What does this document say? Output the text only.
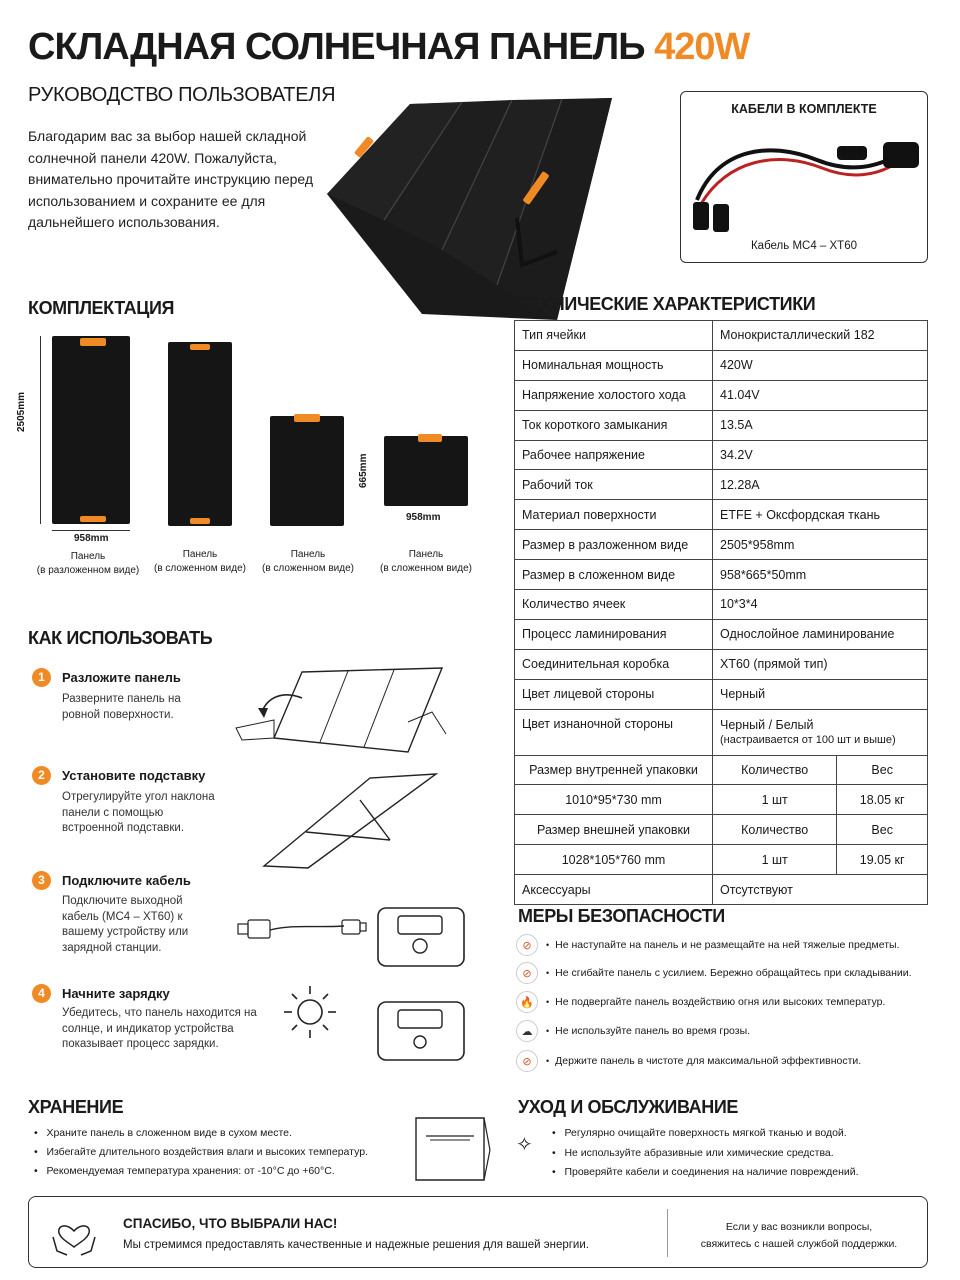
СКЛАДНАЯ СОЛНЕЧНАЯ ПАНЕЛЬ 420W
РУКОВОДСТВО ПОЛЬЗОВАТЕЛЯ
Благодарим вас за выбор нашей складной солнечной панели 420W. Пожалуйста, внимательно прочитайте инструкцию перед использованием и сохраните ее для дальнейшего использования.
КАБЕЛИ В КОМПЛЕКТЕ
Кабель MC4 – XT60
КОМПЛЕКТАЦИЯ
2505mm
958mm
665mm
958mm
Панель
(в разложенном виде)
Панель
(в сложенном виде)
Панель
(в сложенном виде)
Панель
(в сложенном виде)
КАК ИСПОЛЬЗОВАТЬ
1	Разложите панель
Разверните панель на ровной поверхности.
2	Установите подставку
Отрегулируйте угол наклона панели с помощью встроенной подставки.
3	Подключите кабель
Подключите выходной кабель (MC4 – XT60) к вашему устройству или зарядной станции.
4	Начните зарядку
Убедитесь, что панель находится на солнце, и индикатор устройства показывает процесс зарядки.
ТЕХНИЧЕСКИЕ ХАРАКТЕРИСТИКИ
Тип ячейки	Монокристаллический 182	
Номинальная мощность	420W	
Напряжение холостого хода	41.04V	
Ток короткого замыкания	13.5A	
Рабочее напряжение	34.2V	
Рабочий ток	12.28A	
Материал поверхности	ETFE + Оксфордская ткань	
Размер в разложенном виде	2505*958mm	
Размер в сложенном виде	958*665*50mm	
Количество ячеек	10*3*4	
Процесс ламинирования	Однослойное ламинирование	
Соединительная коробка	XT60 (прямой тип)	
Цвет лицевой стороны	Черный	
Цвет изнаночной стороны	Черный / Белый
(настраивается от 100 шт и выше)	

Размер внутренней упаковки	Количество	Вес
1010*95*730 mm	1 шт	18.05 кг
Размер внешней упаковки	Количество	Вес
1028*105*760 mm	1 шт	19.05 кг
Аксессуары	Отсутствуют	
МЕРЫ БЕЗОПАСНОСТИ
⊘	• Не наступайте на панель и не размещайте на ней тяжелые предметы.
⊘	• Не сгибайте панель с усилием. Бережно обращайтесь при складывании.
🔥	• Не подвергайте панель воздействию огня или высоких температур.
☁	• Не используйте панель во время грозы.
⊘	• Держите панель в чистоте для максимальной эффективности.
ХРАНЕНИЕ
•   Храните панель в сложенном виде в сухом месте.
•   Избегайте длительного воздействия влаги и высоких температур.
•   Рекомендуемая температура хранения: от -10°C до +60°C.
УХОД И ОБСЛУЖИВАНИЕ
✧
•   Регулярно очищайте поверхность мягкой тканью и водой.
•   Не используйте абразивные или химические средства.
•   Проверяйте кабели и соединения на наличие повреждений.
СПАСИБО, ЧТО ВЫБРАЛИ НАС!
Мы стремимся предоставлять качественные и надежные решения для вашей энергии.
Если у вас возникли вопросы,
свяжитесь с нашей службой поддержки.
